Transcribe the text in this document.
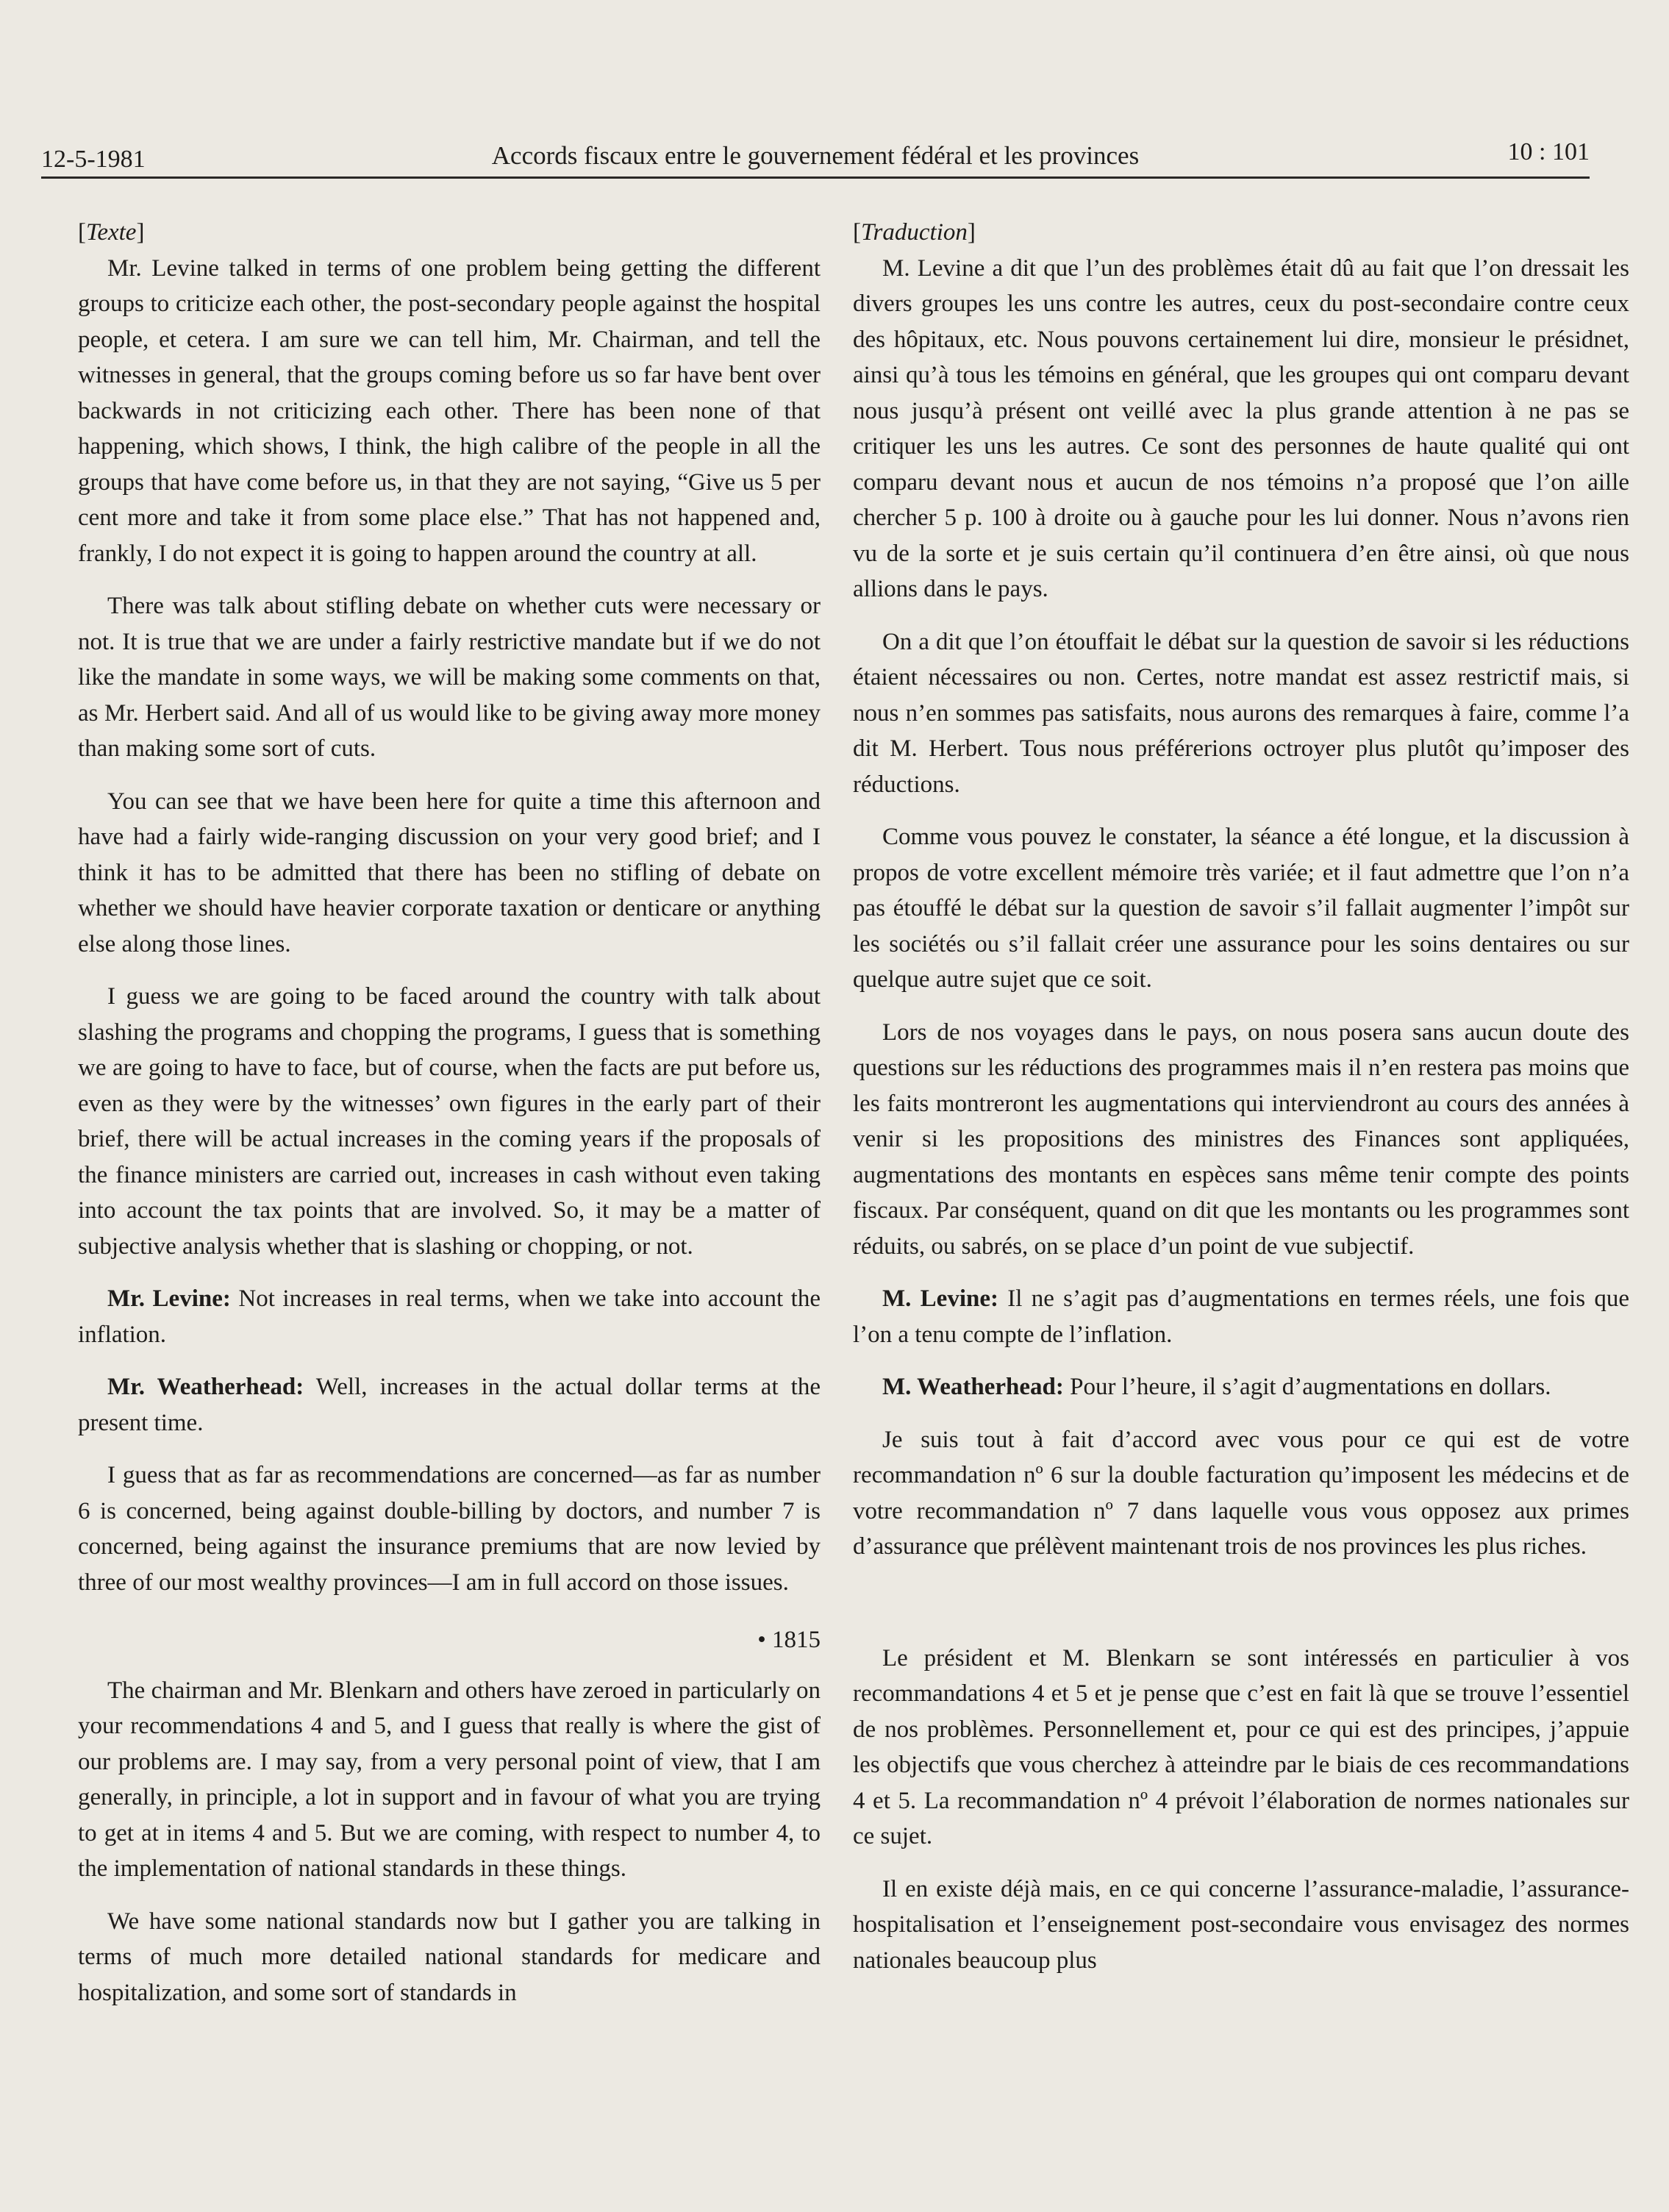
12-5-1981	Accords fiscaux entre le gouvernement fédéral et les provinces	10 : 101

[Texte]

Mr. Levine talked in terms of one problem being getting the different groups to criticize each other, the post-secondary people against the hospital people, et cetera. I am sure we can tell him, Mr. Chairman, and tell the witnesses in general, that the groups coming before us so far have bent over backwards in not criticizing each other. There has been none of that happening, which shows, I think, the high calibre of the people in all the groups that have come before us, in that they are not saying, “Give us 5 per cent more and take it from some place else.” That has not happened and, frankly, I do not expect it is going to happen around the country at all.

There was talk about stifling debate on whether cuts were necessary or not. It is true that we are under a fairly restrictive mandate but if we do not like the mandate in some ways, we will be making some comments on that, as Mr. Herbert said. And all of us would like to be giving away more money than making some sort of cuts.

You can see that we have been here for quite a time this afternoon and have had a fairly wide-ranging discussion on your very good brief; and I think it has to be admitted that there has been no stifling of debate on whether we should have heavier corporate taxation or denticare or anything else along those lines.

I guess we are going to be faced around the country with talk about slashing the programs and chopping the programs, I guess that is something we are going to have to face, but of course, when the facts are put before us, even as they were by the witnesses’ own figures in the early part of their brief, there will be actual increases in the coming years if the proposals of the finance ministers are carried out, increases in cash without even taking into account the tax points that are involved. So, it may be a matter of subjective analysis whether that is slashing or chopping, or not.

Mr. Levine: Not increases in real terms, when we take into account the inflation.

Mr. Weatherhead: Well, increases in the actual dollar terms at the present time.

I guess that as far as recommendations are concerned—as far as number 6 is concerned, being against double-billing by doctors, and number 7 is concerned, being against the insurance premiums that are now levied by three of our most wealthy provinces—I am in full accord on those issues.

• 1815

The chairman and Mr. Blenkarn and others have zeroed in particularly on your recommendations 4 and 5, and I guess that really is where the gist of our problems are. I may say, from a very personal point of view, that I am generally, in principle, a lot in support and in favour of what you are trying to get at in items 4 and 5. But we are coming, with respect to number 4, to the implementation of national standards in these things.

We have some national standards now but I gather you are talking in terms of much more detailed national standards for medicare and hospitalization, and some sort of standards in

[Traduction]

M. Levine a dit que l’un des problèmes était dû au fait que l’on dressait les divers groupes les uns contre les autres, ceux du post-secondaire contre ceux des hôpitaux, etc. Nous pouvons certainement lui dire, monsieur le présidnet, ainsi qu’à tous les témoins en général, que les groupes qui ont comparu devant nous jusqu’à présent ont veillé avec la plus grande attention à ne pas se critiquer les uns les autres. Ce sont des personnes de haute qualité qui ont comparu devant nous et aucun de nos témoins n’a proposé que l’on aille chercher 5 p. 100 à droite ou à gauche pour les lui donner. Nous n’avons rien vu de la sorte et je suis certain qu’il continuera d’en être ainsi, où que nous allions dans le pays.

On a dit que l’on étouffait le débat sur la question de savoir si les réductions étaient nécessaires ou non. Certes, notre mandat est assez restrictif mais, si nous n’en sommes pas satisfaits, nous aurons des remarques à faire, comme l’a dit M. Herbert. Tous nous préférerions octroyer plus plutôt qu’imposer des réductions.

Comme vous pouvez le constater, la séance a été longue, et la discussion à propos de votre excellent mémoire très variée; et il faut admettre que l’on n’a pas étouffé le débat sur la question de savoir s’il fallait augmenter l’impôt sur les sociétés ou s’il fallait créer une assurance pour les soins dentaires ou sur quelque autre sujet que ce soit.

Lors de nos voyages dans le pays, on nous posera sans aucun doute des questions sur les réductions des programmes mais il n’en restera pas moins que les faits montreront les augmentations qui interviendront au cours des années à venir si les propositions des ministres des Finances sont appliquées, augmentations des montants en espèces sans même tenir compte des points fiscaux. Par conséquent, quand on dit que les montants ou les programmes sont réduits, ou sabrés, on se place d’un point de vue subjectif.

M. Levine: Il ne s’agit pas d’augmentations en termes réels, une fois que l’on a tenu compte de l’inflation.

M. Weatherhead: Pour l’heure, il s’agit d’augmentations en dollars.

Je suis tout à fait d’accord avec vous pour ce qui est de votre recommandation nº 6 sur la double facturation qu’imposent les médecins et de votre recommandation nº 7 dans laquelle vous vous opposez aux primes d’assurance que prélèvent maintenant trois de nos provinces les plus riches.

Le président et M. Blenkarn se sont intéressés en particulier à vos recommandations 4 et 5 et je pense que c’est en fait là que se trouve l’essentiel de nos problèmes. Personnellement et, pour ce qui est des principes, j’appuie les objectifs que vous cherchez à atteindre par le biais de ces recommandations 4 et 5. La recommandation nº 4 prévoit l’élaboration de normes nationales sur ce sujet.

Il en existe déjà mais, en ce qui concerne l’assurance-maladie, l’assurance-hospitalisation et l’enseignement post-secondaire vous envisagez des normes nationales beaucoup plus
